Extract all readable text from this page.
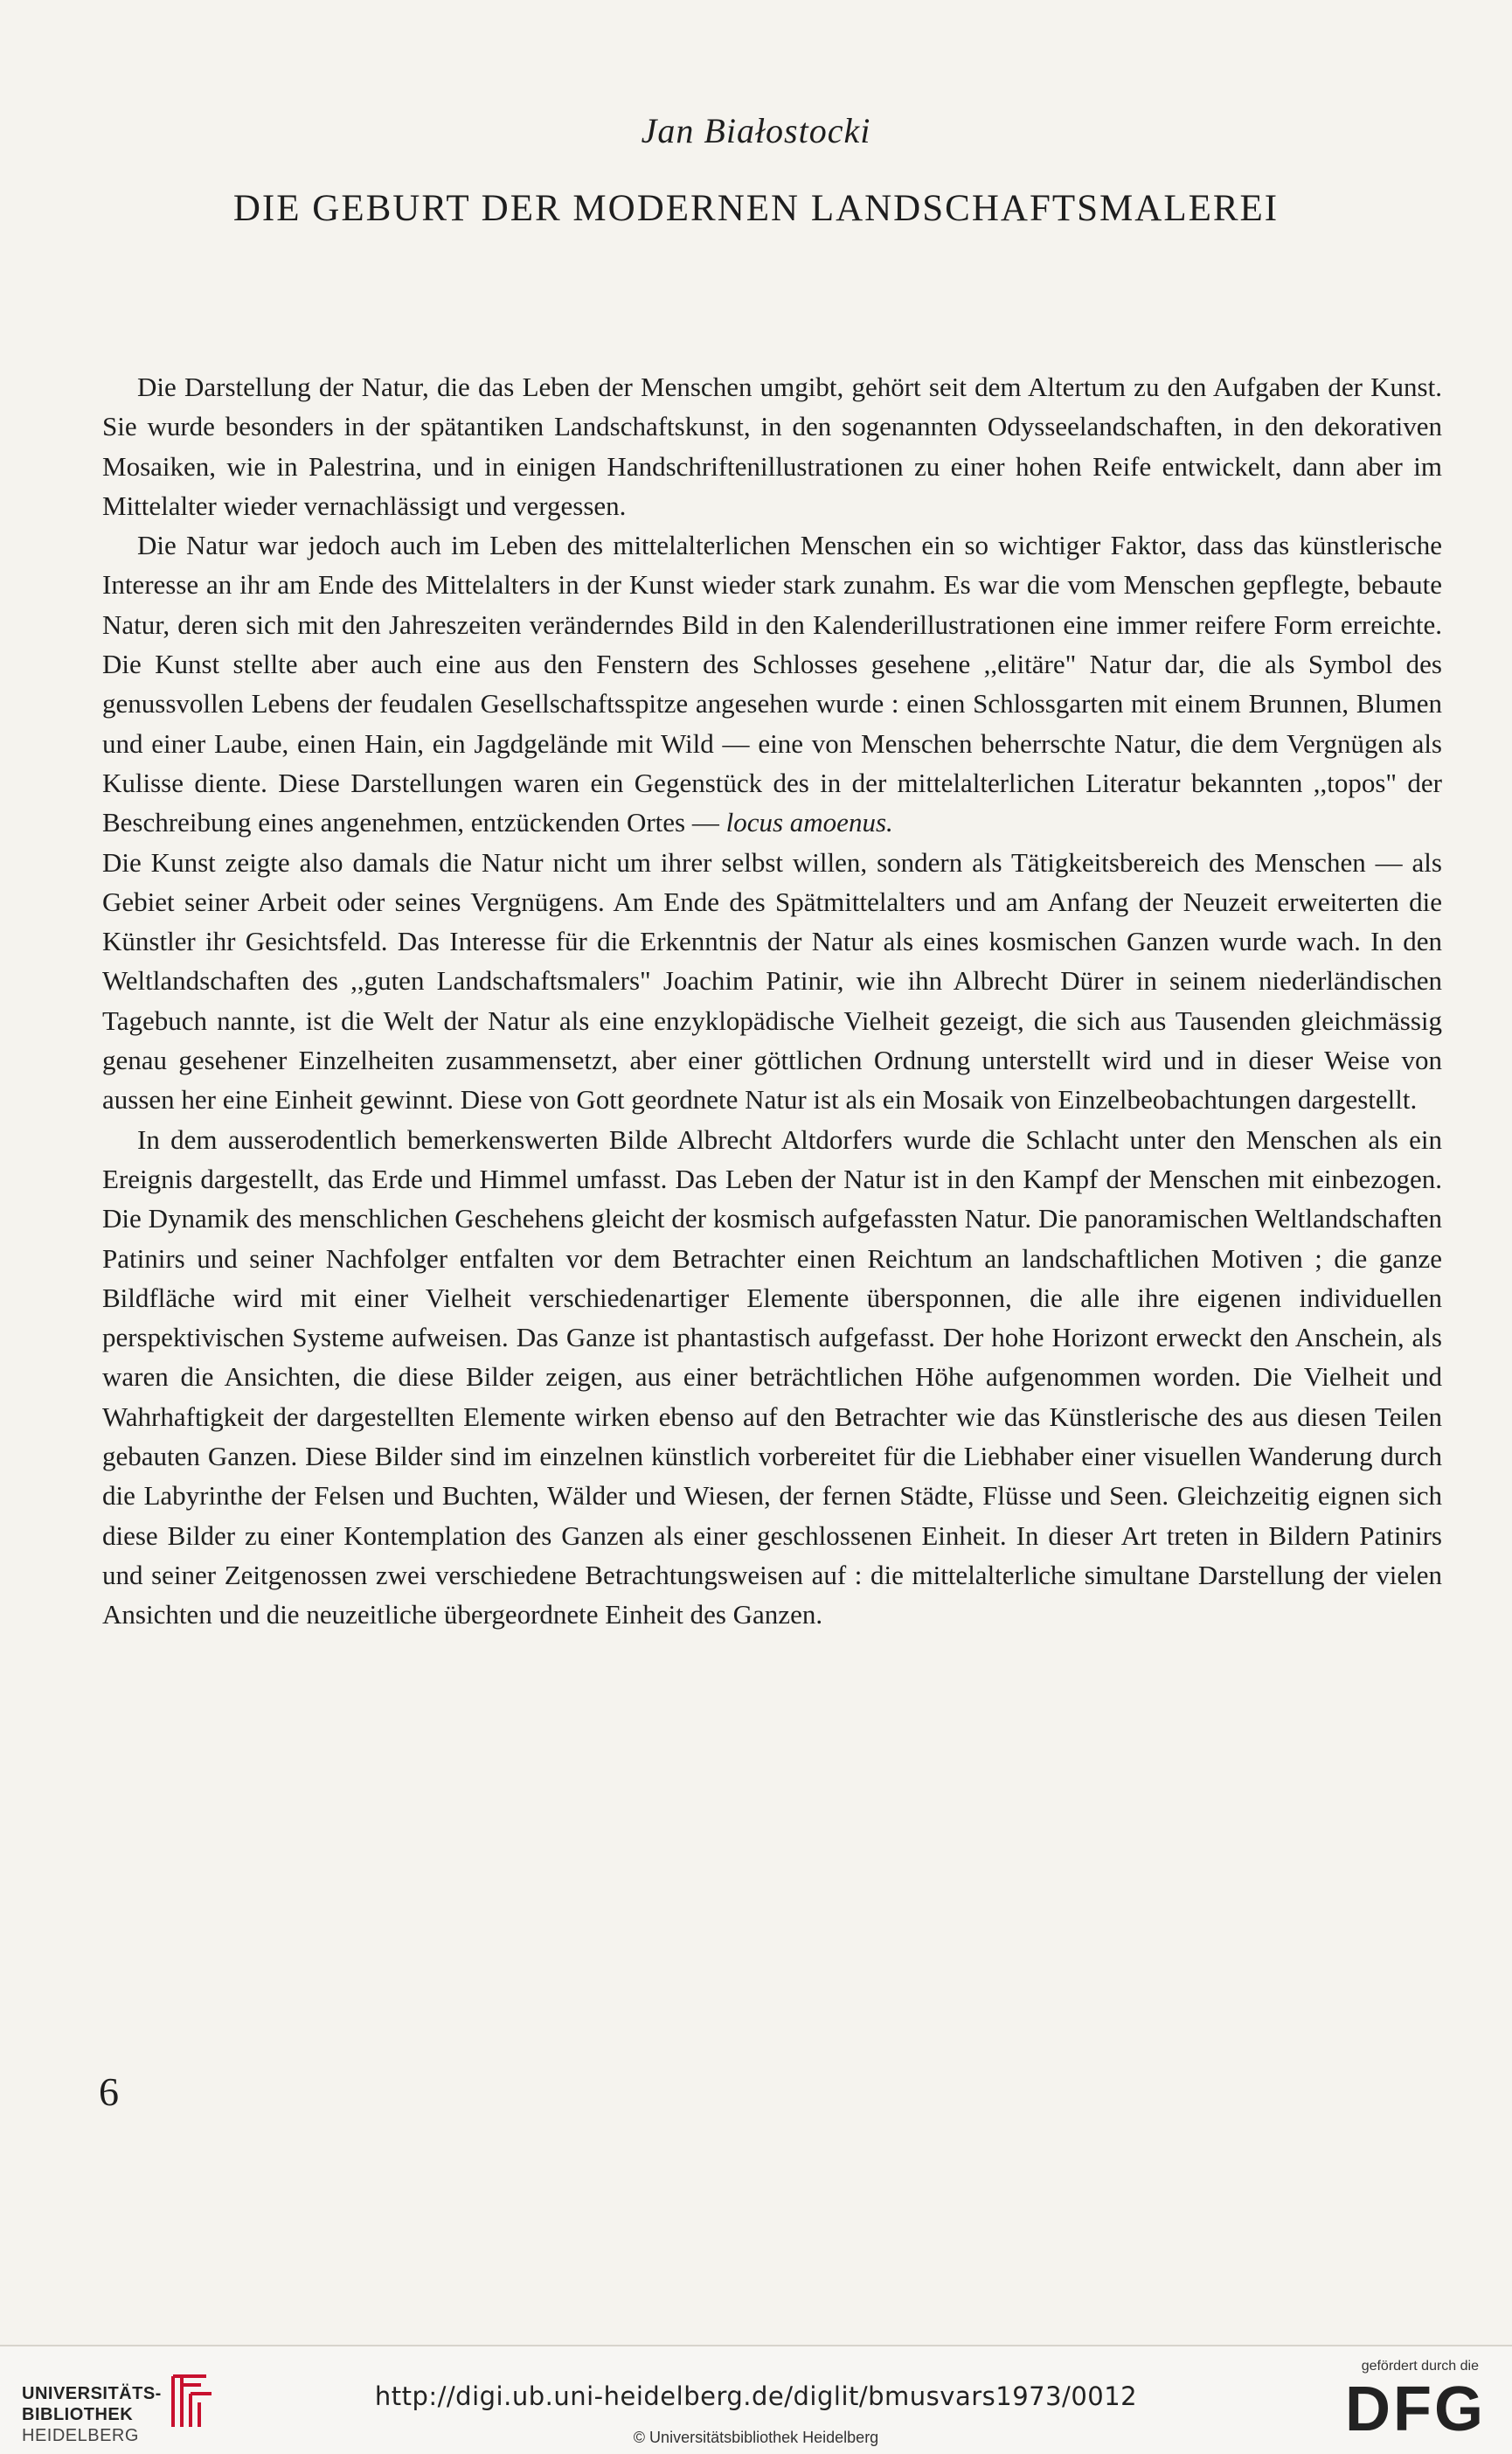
Jan Białostocki
DIE GEBURT DER MODERNEN LANDSCHAFTSMALEREI

Die Darstellung der Natur, die das Leben der Menschen umgibt, gehört seit dem Altertum zu den Aufgaben der Kunst. Sie wurde besonders in der spätantiken Landschaftskunst, in den sogenannten Odysseelandschaften, in den dekorativen Mosaiken, wie in Palestrina, und in einigen Handschriftenillustrationen zu einer hohen Reife entwickelt, dann aber im Mittelalter wieder vernachlässigt und vergessen.

Die Natur war jedoch auch im Leben des mittelalterlichen Menschen ein so wichtiger Faktor, dass das künstlerische Interesse an ihr am Ende des Mittelalters in der Kunst wieder stark zunahm. Es war die vom Menschen gepflegte, bebaute Natur, deren sich mit den Jahreszeiten veränderndes Bild in den Kalenderillustrationen eine immer reifere Form erreichte. Die Kunst stellte aber auch eine aus den Fenstern des Schlosses gesehene ,,elitäre" Natur dar, die als Symbol des genussvollen Lebens der feudalen Gesellschaftsspitze angesehen wurde : einen Schlossgarten mit einem Brunnen, Blumen und einer Laube, einen Hain, ein Jagdgelände mit Wild — eine von Menschen beherrschte Natur, die dem Vergnügen als Kulisse diente. Diese Darstellungen waren ein Gegenstück des in der mittelalterlichen Literatur bekannten ,,topos" der Beschreibung eines angenehmen, entzückenden Ortes — locus amoenus.

Die Kunst zeigte also damals die Natur nicht um ihrer selbst willen, sondern als Tätigkeitsbereich des Menschen — als Gebiet seiner Arbeit oder seines Vergnügens. Am Ende des Spätmittelalters und am Anfang der Neuzeit erweiterten die Künstler ihr Gesichtsfeld. Das Interesse für die Erkenntnis der Natur als eines kosmischen Ganzen wurde wach. In den Weltlandschaften des ,,guten Landschaftsmalers" Joachim Patinir, wie ihn Albrecht Dürer in seinem niederländischen Tagebuch nannte, ist die Welt der Natur als eine enzyklopädische Vielheit gezeigt, die sich aus Tausenden gleichmässig genau gesehener Einzelheiten zusammensetzt, aber einer göttlichen Ordnung unterstellt wird und in dieser Weise von aussen her eine Einheit gewinnt. Diese von Gott geordnete Natur ist als ein Mosaik von Einzelbeobachtungen dargestellt.

In dem ausserodentlich bemerkenswerten Bilde Albrecht Altdorfers wurde die Schlacht unter den Menschen als ein Ereignis dargestellt, das Erde und Himmel umfasst. Das Leben der Natur ist in den Kampf der Menschen mit einbezogen. Die Dynamik des menschlichen Geschehens gleicht der kosmisch aufgefassten Natur. Die panoramischen Weltlandschaften Patinirs und seiner Nachfolger entfalten vor dem Betrachter einen Reichtum an landschaftlichen Motiven ; die ganze Bildfläche wird mit einer Vielheit verschiedenartiger Elemente übersponnen, die alle ihre eigenen individuellen perspektivischen Systeme aufweisen. Das Ganze ist phantastisch aufgefasst. Der hohe Horizont erweckt den Anschein, als waren die Ansichten, die diese Bilder zeigen, aus einer beträchtlichen Höhe aufgenommen worden. Die Vielheit und Wahrhaftigkeit der dargestellten Elemente wirken ebenso auf den Betrachter wie das Künstlerische des aus diesen Teilen gebauten Ganzen. Diese Bilder sind im einzelnen künstlich vorbereitet für die Liebhaber einer visuellen Wanderung durch die Labyrinthe der Felsen und Buchten, Wälder und Wiesen, der fernen Städte, Flüsse und Seen. Gleichzeitig eignen sich diese Bilder zu einer Kontemplation des Ganzen als einer geschlossenen Einheit. In dieser Art treten in Bildern Patinirs und seiner Zeitgenossen zwei verschiedene Betrachtungsweisen auf : die mittelalterliche simultane Darstellung der vielen Ansichten und die neuzeitliche übergeordnete Einheit des Ganzen.

6
UNIVERSITÄTS-
BIBLIOTHEK
HEIDELBERG
http://digi.ub.uni-heidelberg.de/diglit/bmusvars1973/0012
© Universitätsbibliothek Heidelberg
gefördert durch die
DFG
